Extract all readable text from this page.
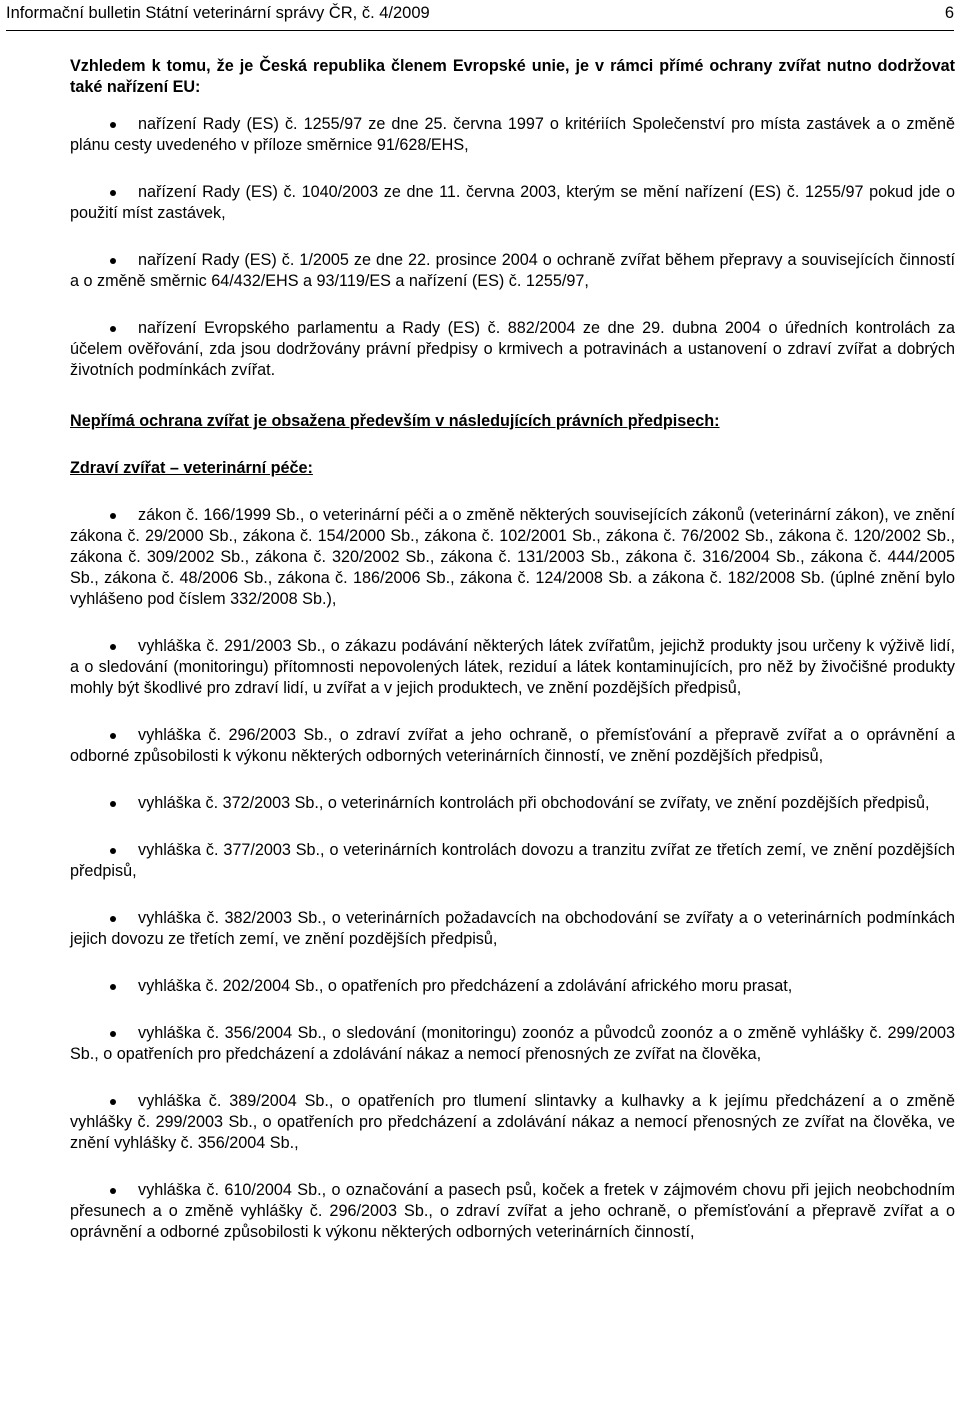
Informační bulletin Státní veterinární správy ČR, č. 4/2009	6

Vzhledem k tomu, že je Česká republika členem Evropské unie, je v rámci přímé ochrany zvířat nutno dodržovat také nařízení EU:

nařízení Rady (ES) č. 1255/97 ze dne 25. června 1997 o kritériích Společenství pro místa zastávek a o změně plánu cesty uvedeného v příloze směrnice 91/628/EHS,
nařízení Rady (ES) č. 1040/2003 ze dne 11. června 2003, kterým se mění nařízení (ES) č. 1255/97 pokud jde o použití míst zastávek,
nařízení Rady (ES) č. 1/2005 ze dne 22. prosince 2004 o ochraně zvířat během přepravy a souvisejících činností a o změně směrnic 64/432/EHS a 93/119/ES a nařízení (ES) č. 1255/97,
nařízení Evropského parlamentu a Rady (ES) č. 882/2004 ze dne 29. dubna 2004 o úředních kontrolách za účelem ověřování, zda jsou dodržovány právní předpisy o krmivech a potravinách a ustanovení o zdraví zvířat a dobrých životních podmínkách zvířat.

Nepřímá ochrana zvířat je obsažena především v následujících právních předpisech:

Zdraví zvířat – veterinární péče:

zákon č. 166/1999 Sb., o veterinární péči a o změně některých souvisejících zákonů (veterinární zákon), ve znění zákona č. 29/2000 Sb., zákona č. 154/2000 Sb., zákona č. 102/2001 Sb., zákona č. 76/2002 Sb., zákona č. 120/2002 Sb., zákona č. 309/2002 Sb., zákona č. 320/2002 Sb., zákona č. 131/2003 Sb., zákona č. 316/2004 Sb., zákona č. 444/2005 Sb., zákona č. 48/2006 Sb., zákona č. 186/2006 Sb., zákona č. 124/2008 Sb. a zákona č. 182/2008 Sb. (úplné znění bylo vyhlášeno pod číslem 332/2008 Sb.),
vyhláška č. 291/2003 Sb., o zákazu podávání některých látek zvířatům, jejichž produkty jsou určeny k výživě lidí, a o sledování (monitoringu) přítomnosti nepovolených látek, reziduí a látek kontaminujících, pro něž by živočišné produkty mohly být škodlivé pro zdraví lidí, u zvířat a v jejich produktech, ve znění pozdějších předpisů,
vyhláška č. 296/2003 Sb., o zdraví zvířat a jeho ochraně, o přemísťování a přepravě zvířat a o oprávnění a odborné způsobilosti k výkonu některých odborných veterinárních činností, ve znění pozdějších předpisů,
vyhláška č. 372/2003 Sb., o veterinárních kontrolách při obchodování se zvířaty, ve znění pozdějších předpisů,
vyhláška č. 377/2003 Sb., o veterinárních kontrolách dovozu a tranzitu zvířat ze třetích zemí, ve znění pozdějších předpisů,
vyhláška č. 382/2003 Sb., o veterinárních požadavcích na obchodování se zvířaty a o veterinárních podmínkách jejich dovozu ze třetích zemí, ve znění pozdějších předpisů,
vyhláška č. 202/2004 Sb., o opatřeních pro předcházení a zdolávání afrického moru prasat,
vyhláška č. 356/2004 Sb., o sledování (monitoringu) zoonóz a původců zoonóz a o změně vyhlášky č. 299/2003 Sb., o opatřeních pro předcházení a zdolávání nákaz a nemocí přenosných ze zvířat na člověka,
vyhláška č. 389/2004 Sb., o opatřeních pro tlumení slintavky a kulhavky a k jejímu předcházení a o změně vyhlášky č. 299/2003 Sb., o opatřeních pro předcházení a zdolávání nákaz a nemocí přenosných ze zvířat na člověka, ve znění vyhlášky č. 356/2004 Sb.,
vyhláška č. 610/2004 Sb., o označování a pasech psů, koček a fretek v zájmovém chovu při jejich neobchodním přesunech a o změně vyhlášky č. 296/2003 Sb., o zdraví zvířat a jeho ochraně, o přemísťování a přepravě zvířat a o oprávnění a odborné způsobilosti k výkonu některých odborných veterinárních činností,
